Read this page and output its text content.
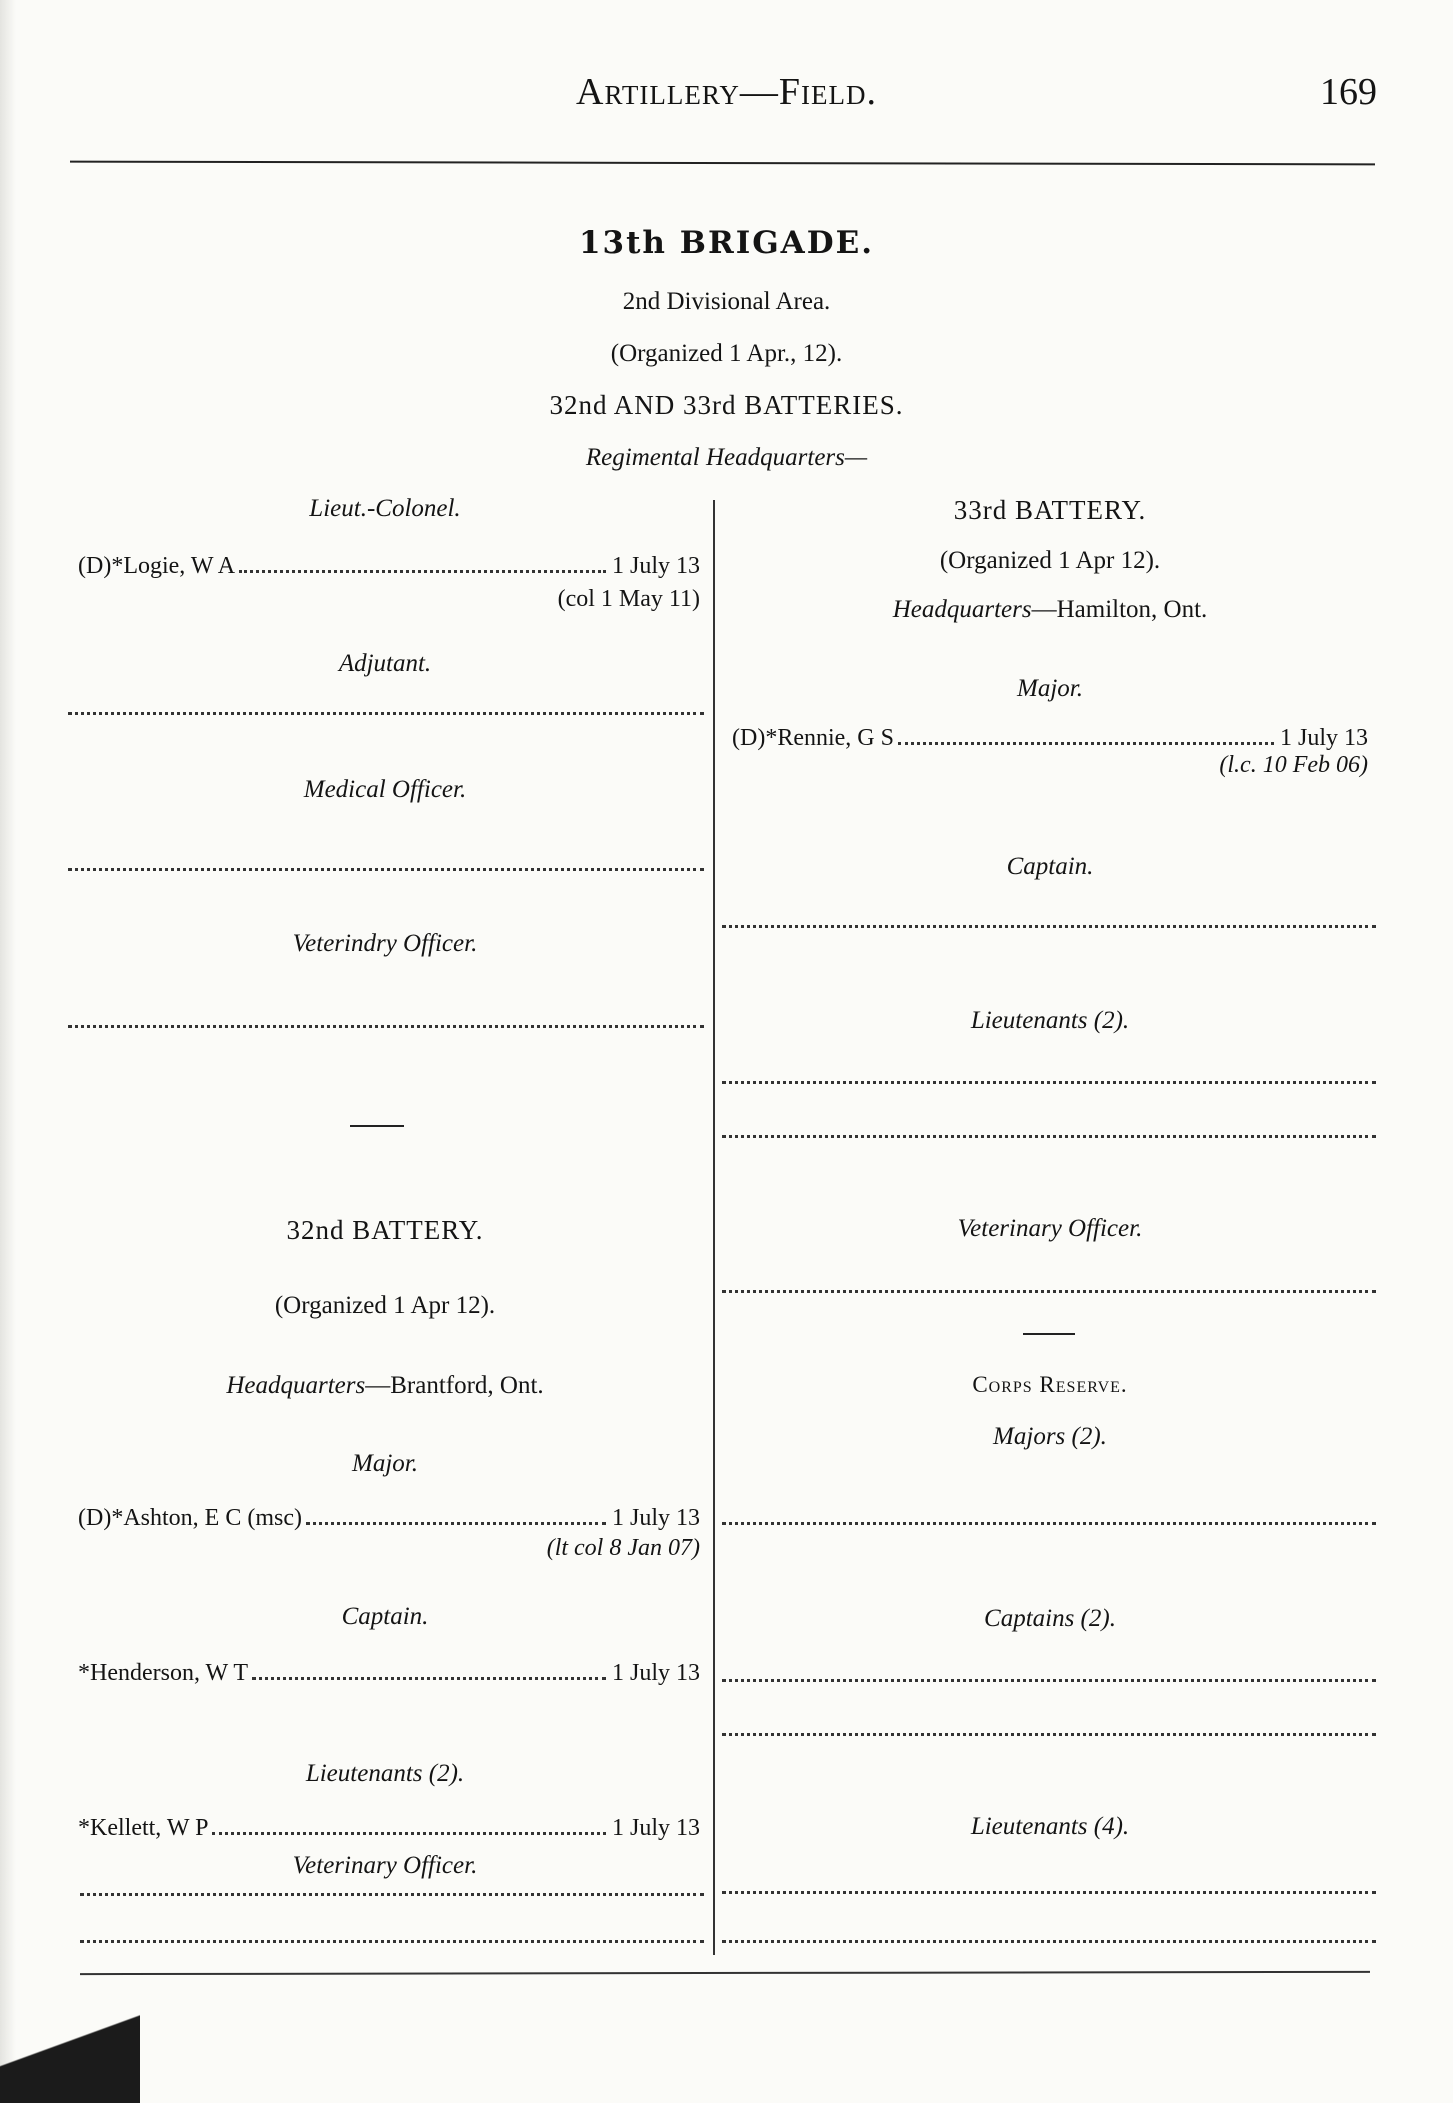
Artillery—Field.	169
13th BRIGADE.
2nd Divisional Area.
(Organized 1 Apr., 12).
32nd AND 33rd BATTERIES.
Regimental Headquarters—
Lieut.-Colonel.
(D)*Logie, W A	1 July 13
(col 1 May 11)
Adjutant.
Medical Officer.
Veterindry Officer.
32nd BATTERY.
(Organized 1 Apr 12).
Headquarters—Brantford, Ont.
Major.
(D)*Ashton, E C (msc)	1 July 13
(lt col 8 Jan 07)
Captain.
*Henderson, W T	1 July 13
Lieutenants (2).
*Kellett, W P	1 July 13
Veterinary Officer.
33rd BATTERY.
(Organized 1 Apr 12).
Headquarters—Hamilton, Ont.
Major.
(D)*Rennie, G S	1 July 13
(l.c. 10 Feb 06)
Captain.
Lieutenants (2).
Veterinary Officer.
Corps Reserve.
Majors (2).
Captains (2).
Lieutenants (4).
